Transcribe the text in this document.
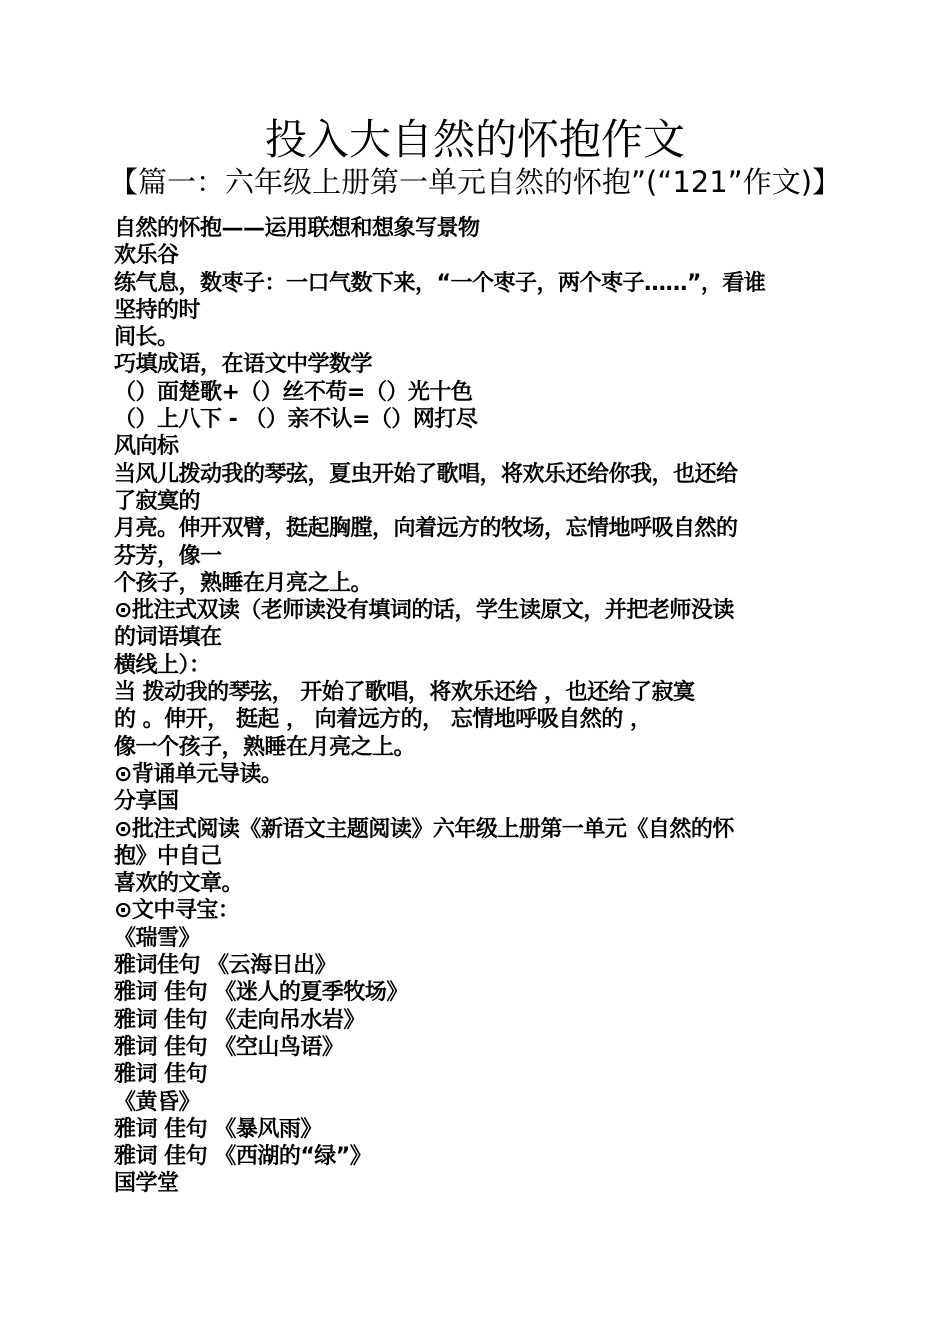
投入大自然的怀抱作文

【篇一：六年级上册第一单元自然的怀抱”(“121”作文)】

自然的怀抱——运用联想和想象写景物
欢乐谷
练气息，数枣子：一口气数下来，“一个枣子，两个枣子……”，看谁
坚持的时
间长。
巧填成语，在语文中学数学
（）面楚歌+（）丝不苟=（）光十色
（）上八下 - （）亲不认=（）网打尽
风向标
当风儿拨动我的琴弦，夏虫开始了歌唱，将欢乐还给你我，也还给
了寂寞的
月亮。伸开双臂，挺起胸膛，向着远方的牧场，忘情地呼吸自然的
芬芳，像一
个孩子，熟睡在月亮之上。
⊙批注式双读（老师读没有填词的话，学生读原文，并把老师没读
的词语填在
横线上）：
当 拨动我的琴弦， 开始了歌唱，将欢乐还给 ，也还给了寂寞
的 。伸开， 挺起 ， 向着远方的， 忘情地呼吸自然的 ，
像一个孩子，熟睡在月亮之上。
⊙背诵单元导读。
分享国
⊙批注式阅读《新语文主题阅读》六年级上册第一单元《自然的怀
抱》中自己
喜欢的文章。
⊙文中寻宝：
《瑞雪》
雅词佳句 《云海日出》
雅词 佳句 《迷人的夏季牧场》
雅词 佳句 《走向吊水岩》
雅词 佳句 《空山鸟语》
雅词 佳句
《黄昏》
雅词 佳句 《暴风雨》
雅词 佳句 《西湖的“绿”》
国学堂
